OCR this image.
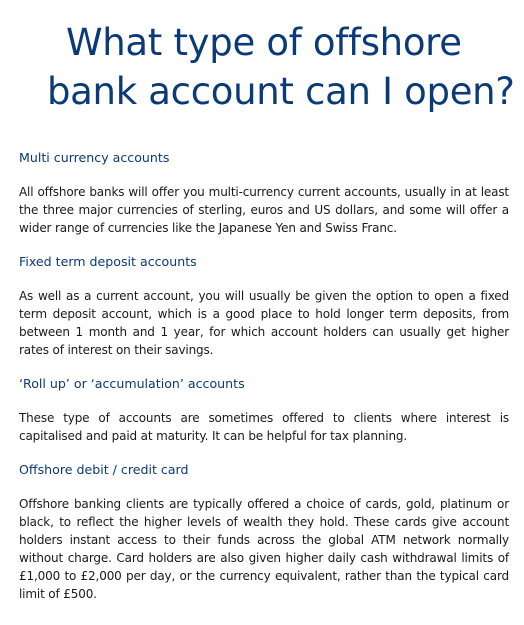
What type of offshore
bank account can I open?
Multi currency accounts

All offshore banks will offer you multi-currency current accounts, usually in at least the three major currencies of sterling, euros and US dollars, and some will offer a wider range of currencies like the Japanese Yen and Swiss Franc.

Fixed term deposit accounts

As well as a current account, you will usually be given the option to open a fixed term deposit account, which is a good place to hold longer term deposits, from between 1 month and 1 year, for which account holders can usually get higher rates of interest on their savings.

‘Roll up’ or ‘accumulation’ accounts

These type of accounts are sometimes offered to clients where interest is capitalised and paid at maturity. It can be helpful for tax planning.

Offshore debit / credit card

Offshore banking clients are typically offered a choice of cards, gold, platinum or black, to reflect the higher levels of wealth they hold. These cards give account holders instant access to their funds across the global ATM network normally without charge. Card holders are also given higher daily cash withdrawal limits of £1,000 to £2,000 per day, or the currency equivalent, rather than the typical card limit of £500.
